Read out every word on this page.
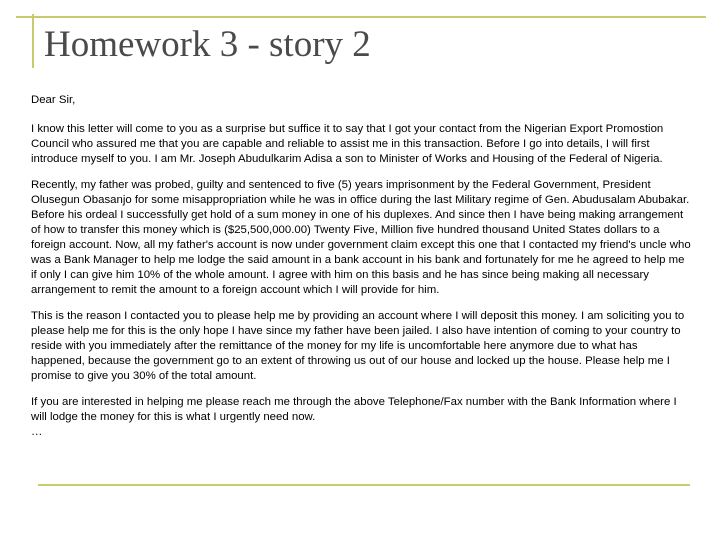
Homework 3 - story 2

Dear Sir,

I know this letter will come to you as a surprise but suffice it to say that I got your contact from the Nigerian Export Promostion Council who assured me that you are capable and reliable to assist me in this transaction. Before I go into details, I will first introduce myself to you. I am Mr. Joseph Abudulkarim Adisa a son to Minister of Works and Housing of the Federal of Nigeria.

Recently, my father was probed, guilty and sentenced to five (5) years imprisonment by the Federal Government, President Olusegun Obasanjo for some misappropriation while he was in office during the last Military regime of Gen. Abudusalam Abubakar. Before his ordeal I successfully get hold of a sum money in one of his duplexes. And since then I have being making arrangement of how to transfer this money which is ($25,500,000.00) Twenty Five, Million five hundred thousand United States dollars to a foreign account. Now, all my father's account is now under government claim except this one that I contacted my friend's uncle who was a Bank Manager to help me lodge the said amount in a bank account in his bank and fortunately for me he agreed to help me if only I can give him 10% of the whole amount. I agree with him on this basis and he has since being making all necessary arrangement to remit the amount to a foreign account which I will provide for him.

This is the reason I contacted you to please help me by providing an account where I will deposit this money. I am soliciting you to please help me for this is the only hope I have since my father have been jailed. I also have intention of coming to your country to reside with you immediately after the remittance of the money for my life is uncomfortable here anymore due to what has happened, because the government go to an extent of throwing us out of our house and locked up the house. Please help me I promise to give you 30% of the total amount.

If you are interested in helping me please reach me through the above Telephone/Fax number with the Bank Information where I will lodge the money for this is what I urgently need now.

…
